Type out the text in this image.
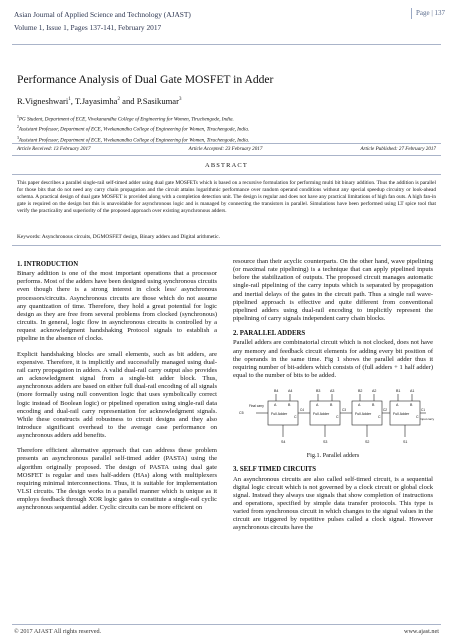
Asian Journal of Applied Science and Technology (AJAST)
Volume 1, Issue 1, Pages 137-141, February 2017
Page | 137
Performance Analysis of Dual Gate MOSFET in Adder
R.Vigneshwari$^1$, T.Jayasimha$^2$ and P.Sasikumar$^3$
$^1$PG Student, Department of ECE, Vivekanandha College of Engineering for Women, Tiruchengode, India.
$^2$Assistant Professor, Department of ECE, Vivekanandha College of Engineering for Women, Tiruchengode, India.
$^3$Assistant Professor, Department of ECE, Vivekanandha College of Engineering for Women, Tiruchengode, India.
Article Received: 13 February 2017	Article Accepted: 23 February 2017	Article Published: 27 February 2017
ABSTRACT
This paper describes a parallel single-rail self-timed adder using dual gate MOSFETs which is based on a recursive formulation for performing multi bit binary addition. Thus the addition is parallel for those bits that do not need any carry chain propagation and the circuit attains logarithmic performance over random operand conditions without any special speedup circuitry or look-ahead schema. A practical design of dual gate MOSFET is provided along with a completion detection unit. The design is regular and does not have any practical limitations of high fan outs. A high fan-in gate is required on the design but this is unavoidable for asynchronous logic and is managed by connecting the transistors in parallel. Simulations have been performed using LT spice tool that verify the practicality and superiority of the proposed approach over existing asynchronous adders.
Keywords: Asynchronous circuits, DGMOSFET design, Binary adders and Digital arithmetic.
1. INTRODUCTION

Binary addition is one of the most important operations that a processor performs. Most of the adders have been designed using synchronous circuits even though there is a strong interest in clock less/ asynchronous processors/circuits. Asynchronous circuits are those which do not assume any quantization of time. Therefore, they hold a great potential for logic design as they are free from several problems from clocked (synchronous) circuits. In general, logic flow in asynchronous circuits is controlled by a request acknowledgment handshaking Protocol signals to establish a pipeline in the absence of clocks.

Explicit handshaking blocks are small elements, such as bit adders, are expensive. Therefore, it is implicitly and successfully managed using dual-rail carry propagation in adders. A valid dual-rail carry output also provides an acknowledgment signal from a single-bit adder block. Thus, asynchronous adders are based on either full dual-rail encoding of all signals (more formally using null convention logic that uses symbolically correct logic instead of Boolean logic) or pipelined operation using single-rail data encoding and dual-rail carry representation for acknowledgment signals. While these constructs add robustness to circuit designs and they also introduce significant overhead to the average case performance on asynchronous adders add benefits.

Therefore efficient alternative approach that can address these problem presents an asynchronous parallel self-timed adder (PASTA) using the algorithm originally proposed. The design of PASTA using dual gate MOSFET is regular and uses half-adders (HAs) along with multiplexers requiring minimal interconnections. Thus, it is suitable for implementation VLSI circuits. The design works in a parallel manner which is unique as it employs feedback through XOR logic gates to constitute a single-rail cyclic asynchronous sequential adder. Cyclic circuits can be more efficient on

resource than their acyclic counterparts. On the other hand, wave pipelining (or maximal rate pipelining) is a technique that can apply pipelined inputs before the stabilization of outputs. The proposed circuit manages automatic single-rail pipelining of the carry inputs which is separated by propagation and inertial delays of the gates in the circuit path. Thus a single rail wave-pipelined approach is effective and quite different from conventional pipelined adders using dual-rail encoding to implicitly represent the pipelining of carry signals independent carry chain blocks.

2. PARALLEL ADDERS

Parallel adders are combinatorial circuit which is not clocked, does not have any memory and feedback circuit elements for adding every bit position of the operands in the same time. Fig 1 shows the parallel adder thus it requiring number of bit-adders which consists of (full adders + 1 half adder) equal to the number of bits to be added.

B4	A4	B3	A3	B2	A2	B1	A1
Full Adder	Full Adder	Full Adder	Full Adder
A	B	A	B	A	B	A	B
C	C	C	C
S4	S3	S2	S1
C5
Final carry
C4	C3	C2	C1
Input carry
Fig.1. Parallel adders
3. SELF TIMED CIRCUITS

An asynchronous circuits are also called self-timed circuit, is a sequential digital logic circuit which is not governed by a clock circuit or global clock signal. Instead they always use signals that show completion of instructions and operations, specified by simple data transfer protocols. This type is varied from synchronous circuit in which changes to the signal values in the circuit are triggered by repetitive pulses called a clock signal. However asynchronous circuits have the

© 2017 AJAST All rights reserved.	www.ajast.net
